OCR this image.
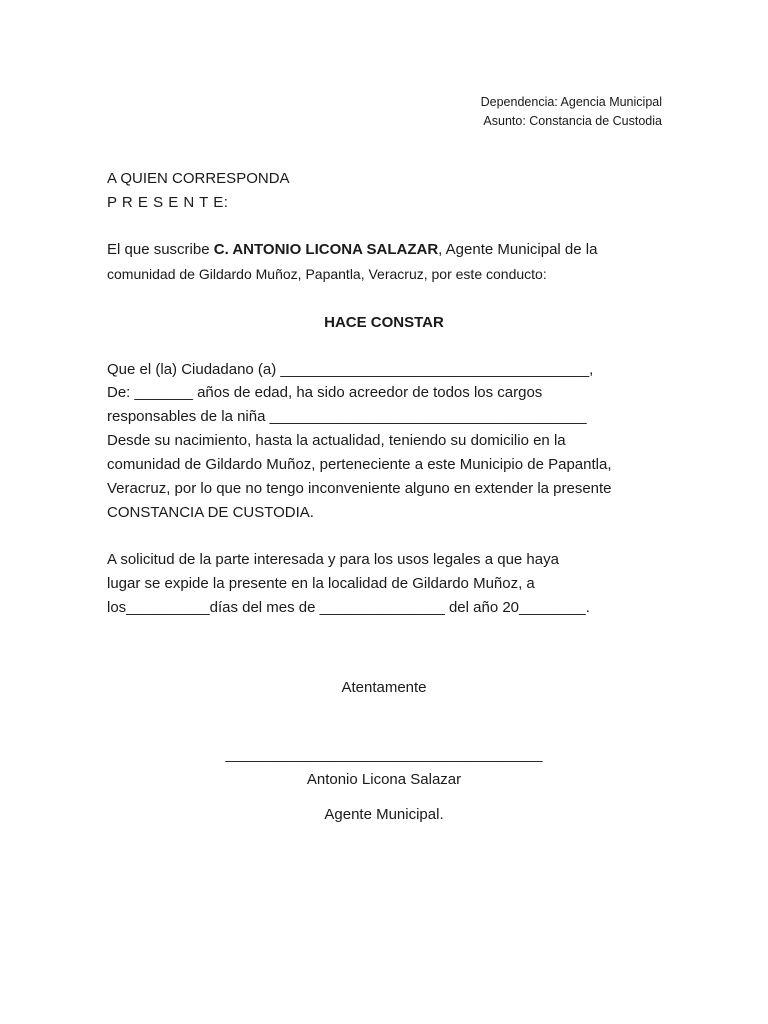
Dependencia: Agencia Municipal
Asunto: Constancia de Custodia
A QUIEN CORRESPONDA
P R E S E N T E:
El que suscribe C. ANTONIO LICONA SALAZAR, Agente Municipal de la
comunidad de Gildardo Muñoz, Papantla, Veracruz, por este conducto:
HACE CONSTAR
Que el (la) Ciudadano (a) _____________________________________,
De: _______ años de edad, ha sido acreedor de todos los cargos
responsables de la niña ______________________________________
Desde su nacimiento, hasta la actualidad, teniendo su domicilio en la
comunidad de Gildardo Muñoz, perteneciente a este Municipio de Papantla,
Veracruz, por lo que no tengo inconveniente alguno en extender la presente
CONSTANCIA DE CUSTODIA.
A solicitud de la parte interesada y para los usos legales a que haya
lugar se expide la presente en la localidad de Gildardo Muñoz, a
los__________días del mes de _______________ del año 20________.
Atentamente
______________________________________
Antonio Licona Salazar
Agente Municipal.
